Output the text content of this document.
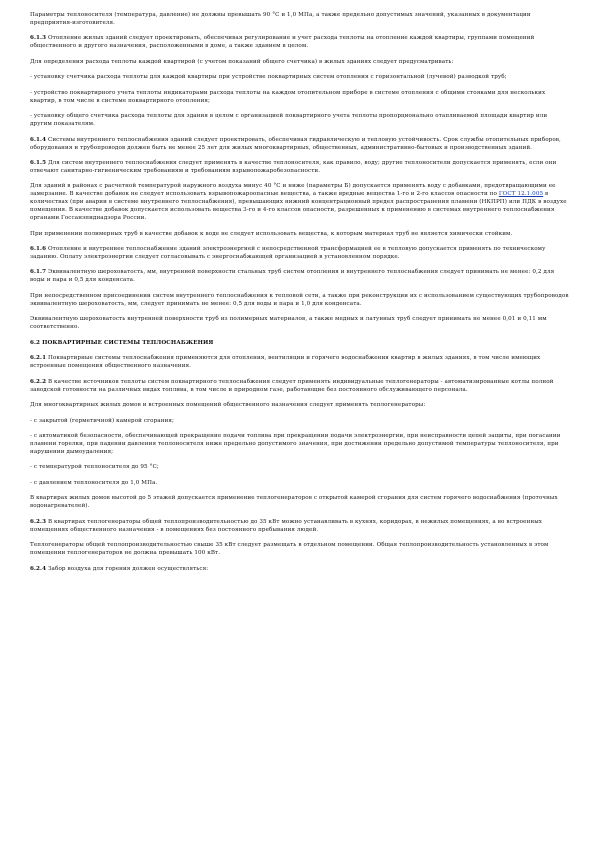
Параметры теплоносителя (температура, давление) не должны превышать 90 °С и 1,0 МПа, а также предельно допустимых значений, указанных в документации предприятия-изготовителя.

6.1.3 Отопление жилых зданий следует проектировать, обеспечивая регулирование и учет расхода теплоты на отопление каждой квартиры, группами помещений общественного и другого назначения, расположенными в доме, а также зданием в целом.

Для определения расхода теплоты каждой квартирой (с учетом показаний общего счетчика) в жилых зданиях следует предусматривать:

- установку счетчика расхода теплоты для каждой квартиры при устройстве поквартирных систем отопления с горизонтальной (лучевой) разводкой труб;

- устройство поквартирного учета теплоты индикаторами расхода теплоты на каждом отопительном приборе в системе отопления с общими стояками для нескольких квартир, в том числе в системе поквартирного отопления;

- установку общего счетчика расхода теплоты для здания в целом с организацией поквартирного учета теплоты пропорционально отапливаемой площади квартир или другим показателям.

6.1.4 Системы внутреннего теплоснабжения зданий следует проектировать, обеспечивая гидравлическую и тепловую устойчивость. Срок службы отопительных приборов, оборудования и трубопроводов должен быть не менее 25 лет для жилых многоквартирных, общественных, административно-бытовых и производственных зданий.

6.1.5 Для систем внутреннего теплоснабжения следует применять в качестве теплоносителя, как правило, воду; другие теплоносители допускается применять, если они отвечают санитарно-гигиеническим требованиям и требованиям взрывопожаробезопасности.

Для зданий в районах с расчетной температурой наружного воздуха минус 40 °С и ниже (параметры Б) допускается применять воду с добавками, предотвращающими ее замерзание. В качестве добавок не следует использовать взрывопожароопасные вещества, а также вредные вещества 1-го и 2-го классов опасности по ГОСТ 12.1.005 в количествах (при аварии в системе внутреннего теплоснабжения), превышающих нижний концентрационный предел распространения пламени (НКПРП) или ПДК в воздухе помещения. В качестве добавок допускается использовать вещества 3-го и 4-го классов опасности, разрешенных к применению в системах внутреннего теплоснабжения органами Госсанэпиднадзора России.

При применении полимерных труб в качестве добавок к воде не следует использовать вещества, к которым материал труб не является химически стойким.

6.1.6 Отопление и внутреннее теплоснабжение зданий электроэнергией с непосредственной трансформацией ее в тепловую допускается применять по техническому заданию. Оплату электроэнергии следует согласовывать с энергоснабжающей организацией в установленном порядке.

6.1.7 Эквивалентную шероховатость, мм, внутренней поверхности стальных труб систем отопления и внутреннего теплоснабжения следует принимать не менее: 0,2 для воды и пара и 0,5 для конденсата.

При непосредственном присоединении систем внутреннего теплоснабжения к тепловой сети, а также при реконструкции их с использованием существующих трубопроводов эквивалентную шероховатость, мм, следует принимать не менее: 0,5 для воды и пара и 1,0 для конденсата.

Эквивалентную шероховатость внутренней поверхности труб из полимерных материалов, а также медных и латунных труб следует принимать не менее 0,01 и 0,11 мм соответственно.

6.2 ПОКВАРТИРНЫЕ СИСТЕМЫ ТЕПЛОСНАБЖЕНИЯ

6.2.1 Поквартирные системы теплоснабжения применяются для отопления, вентиляции и горячего водоснабжения квартир в жилых зданиях, в том числе имеющих встроенные помещения общественного назначения.

6.2.2 В качестве источников теплоты систем поквартирного теплоснабжения следует применять индивидуальные теплогенераторы - автоматизированные котлы полной заводской готовности на различных видах топлива, в том числе и природном газе, работающие без постоянного обслуживающего персонала.

Для многоквартирных жилых домов и встроенных помещений общественного назначения следует применять теплогенераторы:

- с закрытой (герметичной) камерой сгорания;

- с автоматикой безопасности, обеспечивающей прекращение подачи топлива при прекращении подачи электроэнергии, при неисправности цепей защиты, при погасании пламени горелки, при падении давления теплоносителя ниже предельно допустимого значения, при достижении предельно допустимой температуры теплоносителя, при нарушении дымоудаления;

- с температурой теплоносителя до 95 °С;

- с давлением теплоносителя до 1,0 МПа.

В квартирах жилых домов высотой до 5 этажей допускается применение теплогенераторов с открытой камерой сгорания для систем горячего водоснабжения (проточных водонагревателей).

6.2.3 В квартирах теплогенераторы общей теплопроизводительностью до 35 кВт можно устанавливать в кухнях, коридорах, в нежилых помещениях, а во встроенных помещениях общественного назначения - в помещениях без постоянного пребывания людей.

Теплогенераторы общей теплопроизводительностью свыше 35 кВт следует размещать в отдельном помещении. Общая теплопроизводительность установленных в этом помещении теплогенераторов не должна превышать 100 кВт.

6.2.4 Забор воздуха для горения должен осуществляться:
